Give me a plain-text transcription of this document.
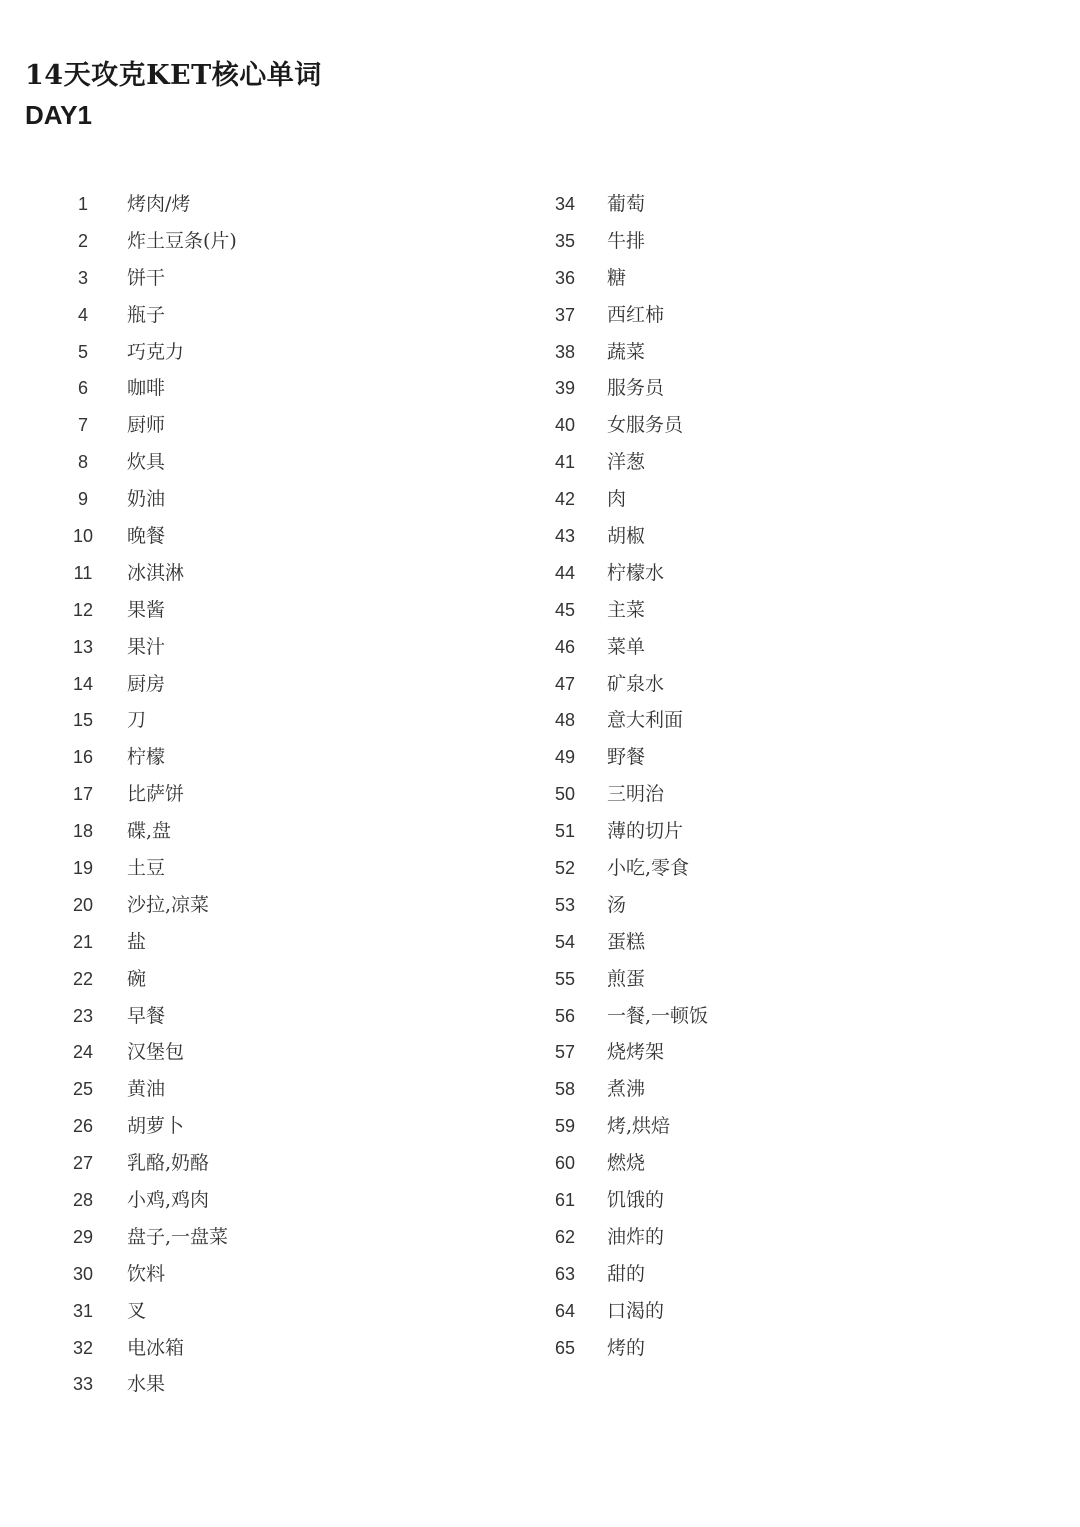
14天攻克KET核心单词
DAY1
1	烤肉/烤
2	炸土豆条(片)
3	饼干
4	瓶子
5	巧克力
6	咖啡
7	厨师
8	炊具
9	奶油
10	晚餐
11	冰淇淋
12	果酱
13	果汁
14	厨房
15	刀
16	柠檬
17	比萨饼
18	碟,盘
19	土豆
20	沙拉,凉菜
21	盐
22	碗
23	早餐
24	汉堡包
25	黄油
26	胡萝卜
27	乳酪,奶酪
28	小鸡,鸡肉
29	盘子,一盘菜
30	饮料
31	叉
32	电冰箱
33	水果
34	葡萄
35	牛排
36	糖
37	西红柿
38	蔬菜
39	服务员
40	女服务员
41	洋葱
42	肉
43	胡椒
44	柠檬水
45	主菜
46	菜单
47	矿泉水
48	意大利面
49	野餐
50	三明治
51	薄的切片
52	小吃,零食
53	汤
54	蛋糕
55	煎蛋
56	一餐,一顿饭
57	烧烤架
58	煮沸
59	烤,烘焙
60	燃烧
61	饥饿的
62	油炸的
63	甜的
64	口渴的
65	烤的
